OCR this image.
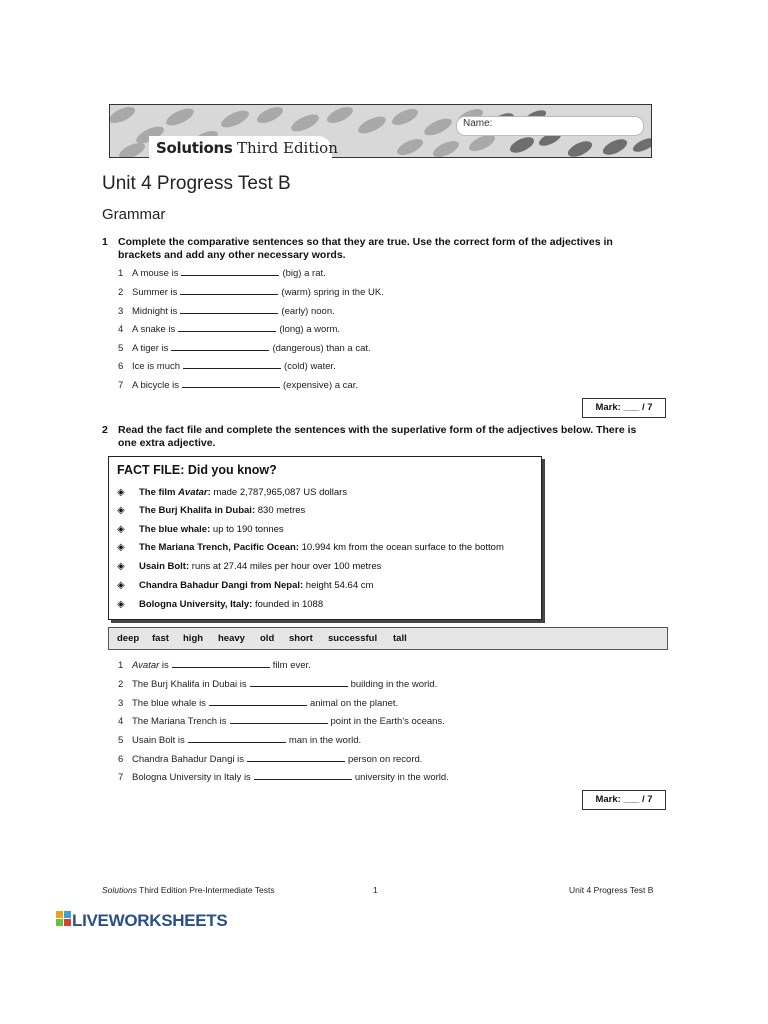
Name:
Solutions Third Edition
Unit 4 Progress Test B
Grammar
1 Complete the comparative sentences so that they are true. Use the correct form of the adjectives in brackets and add any other necessary words.
1 A mouse is	(big) a rat.
2 Summer is	(warm) spring in the UK.
3 Midnight is	(early) noon.
4 A snake is	(long) a worm.
5 A tiger is	(dangerous) than a cat.
6 Ice is much	(cold) water.
7 A bicycle is	(expensive) a car.
Mark: ___ / 7
2 Read the fact file and complete the sentences with the superlative form of the adjectives below. There is one extra adjective.
FACT FILE: Did you know?
◈ The film Avatar: made 2,787,965,087 US dollars
◈ The Burj Khalifa in Dubai: 830 metres
◈ The blue whale: up to 190 tonnes
◈ The Mariana Trench, Pacific Ocean: 10.994 km from the ocean surface to the bottom
◈ Usain Bolt: runs at 27.44 miles per hour over 100 metres
◈ Chandra Bahadur Dangi from Nepal: height 54.64 cm
◈ Bologna University, Italy: founded in 1088
deep fast high heavy old short successful tall
1 Avatar is	film ever.
2 The Burj Khalifa in Dubai is	building in the world.
3 The blue whale is	animal on the planet.
4 The Mariana Trench is	point in the Earth's oceans.
5 Usain Bolt is	man in the world.
6 Chandra Bahadur Dangi is	person on record.
7 Bologna University in Italy is	university in the world.
Mark: ___ / 7
Solutions Third Edition Pre-Intermediate Tests	1	Unit 4 Progress Test B
LIVEWORKSHEETS
